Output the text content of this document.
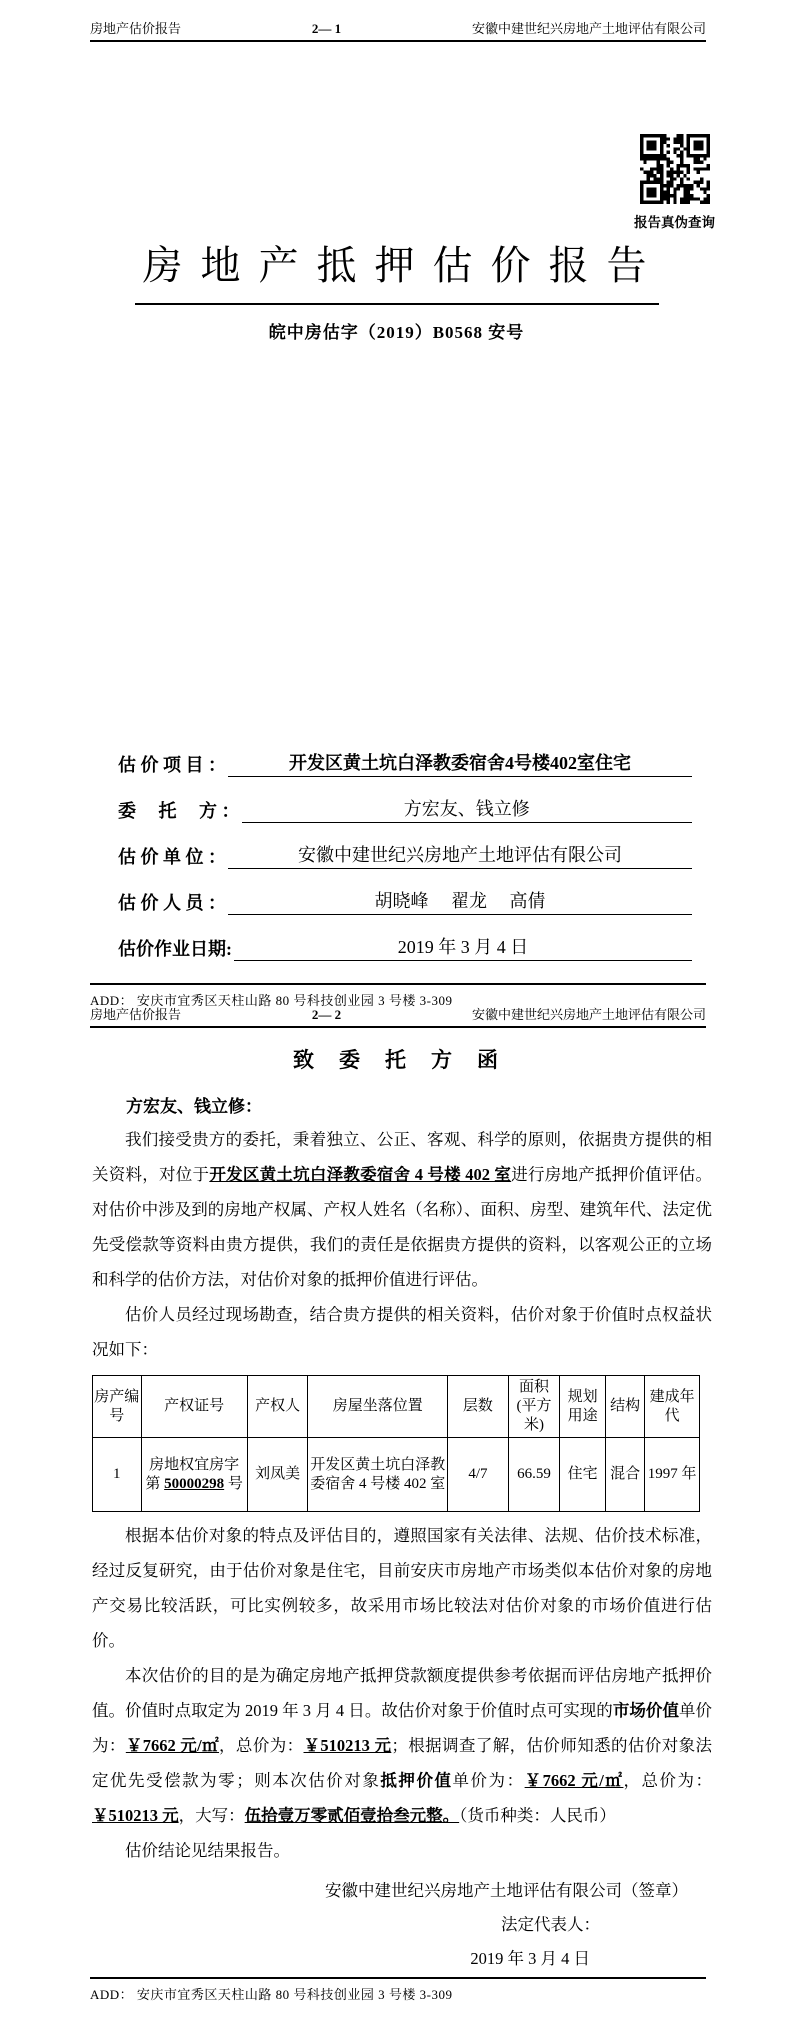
房地产估价报告	2— 1	安徽中建世纪兴房地产土地评估有限公司
报告真伪查询
房 地 产 抵 押 估 价 报 告
皖中房估字（2019）B0568 安号
估 价 项 目 ：	开发区黄土坑白泽教委宿舍4号楼402室住宅
委　 托　 方 ：	方宏友、钱立修
估 价 单 位 ：	安徽中建世纪兴房地产土地评估有限公司
估 价 人 员 ：	胡晓峰　 翟龙　 高倩
估价作业日期:	2019 年 3 月 4 日
ADD： 安庆市宜秀区天柱山路 80 号科技创业园 3 号楼 3-309
房地产估价报告	2— 2	安徽中建世纪兴房地产土地评估有限公司
致　委　托　方　函

方宏友、钱立修：

我们接受贵方的委托，秉着独立、公正、客观、科学的原则，依据贵方提供的相关资料，对位于开发区黄土坑白泽教委宿舍 4 号楼 402 室进行房地产抵押价值评估。对估价中涉及到的房地产权属、产权人姓名（名称）、面积、房型、建筑年代、法定优先受偿款等资料由贵方提供，我们的责任是依据贵方提供的资料，以客观公正的立场和科学的估价方法，对估价对象的抵押价值进行评估。

估价人员经过现场勘查，结合贵方提供的相关资料，估价对象于价值时点权益状况如下：

房产编号	产权证号	产权人	房屋坐落位置	层数	面积(平方米)	规划用途	结构	建成年代
1	房地权宜房字第 50000298 号	刘凤美	开发区黄土坑白泽教委宿舍 4 号楼 402 室	4/7	66.59	住宅	混合	1997 年

根据本估价对象的特点及评估目的，遵照国家有关法律、法规、估价技术标准，经过反复研究，由于估价对象是住宅，目前安庆市房地产市场类似本估价对象的房地产交易比较活跃，可比实例较多，故采用市场比较法对估价对象的市场价值进行估价。

本次估价的目的是为确定房地产抵押贷款额度提供参考依据而评估房地产抵押价值。价值时点取定为 2019 年 3 月 4 日。故估价对象于价值时点可实现的市场价值单价为：￥7662 元/㎡，总价为：￥510213 元；根据调查了解，估价师知悉的估价对象法定优先受偿款为零；则本次估价对象抵押价值单价为：￥7662 元/㎡，总价为：￥510213 元，大写：伍拾壹万零贰佰壹拾叁元整。（货币种类：人民币）

估价结论见结果报告。

安徽中建世纪兴房地产土地评估有限公司（签章）
法定代表人：
2019 年 3 月 4 日
ADD： 安庆市宜秀区天柱山路 80 号科技创业园 3 号楼 3-309
